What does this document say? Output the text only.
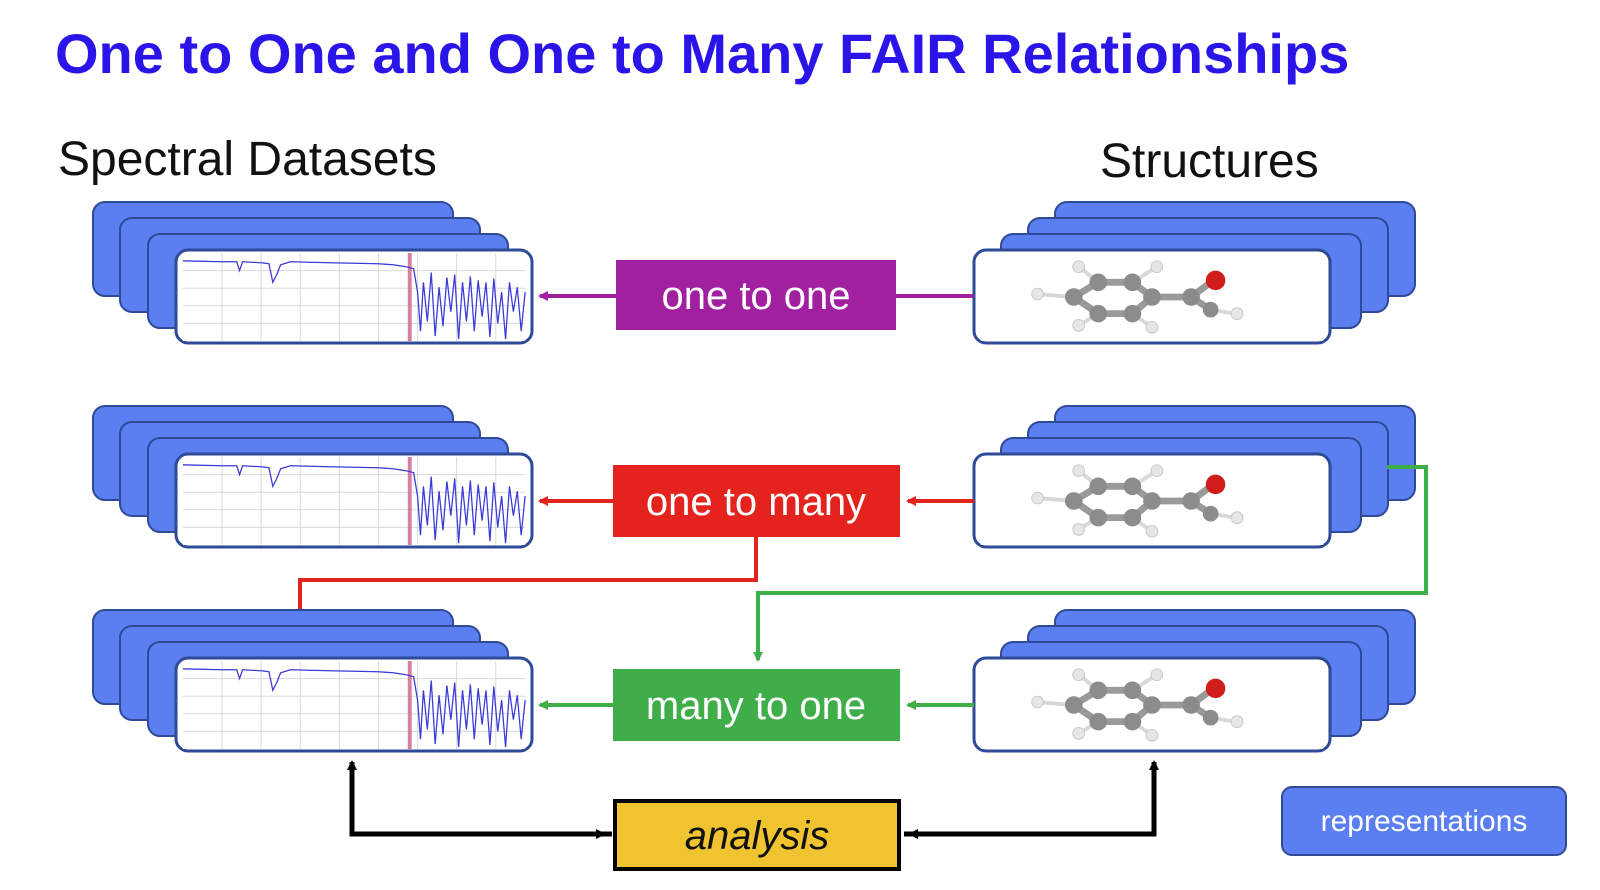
One to One and One to Many FAIR Relationships
Spectral Datasets	Structures
one to one
one to many
many to one
analysis	representations
